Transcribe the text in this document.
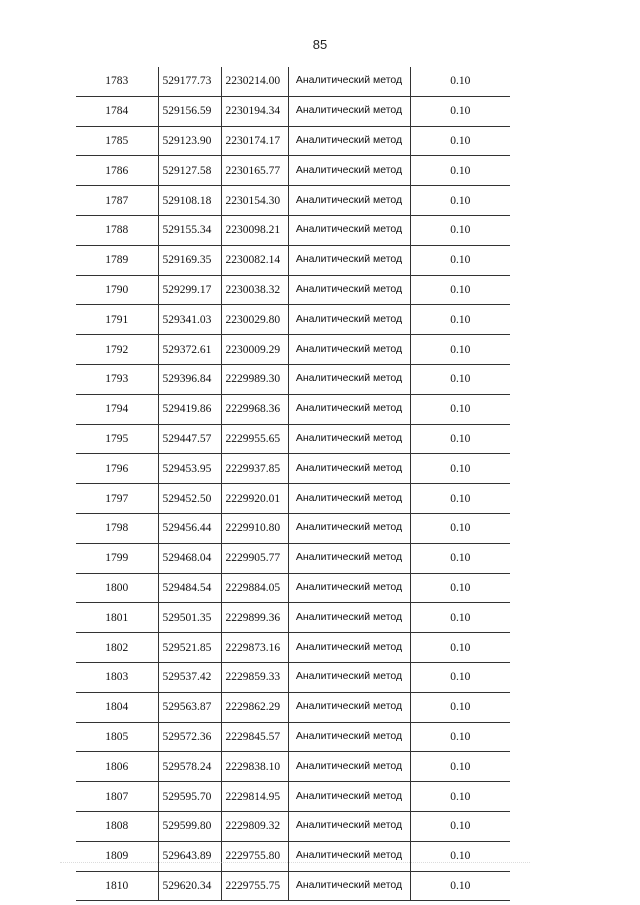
85
1783	529177.73	2230214.00	Аналитический метод	0.10
1784	529156.59	2230194.34	Аналитический метод	0.10
1785	529123.90	2230174.17	Аналитический метод	0.10
1786	529127.58	2230165.77	Аналитический метод	0.10
1787	529108.18	2230154.30	Аналитический метод	0.10
1788	529155.34	2230098.21	Аналитический метод	0.10
1789	529169.35	2230082.14	Аналитический метод	0.10
1790	529299.17	2230038.32	Аналитический метод	0.10
1791	529341.03	2230029.80	Аналитический метод	0.10
1792	529372.61	2230009.29	Аналитический метод	0.10
1793	529396.84	2229989.30	Аналитический метод	0.10
1794	529419.86	2229968.36	Аналитический метод	0.10
1795	529447.57	2229955.65	Аналитический метод	0.10
1796	529453.95	2229937.85	Аналитический метод	0.10
1797	529452.50	2229920.01	Аналитический метод	0.10
1798	529456.44	2229910.80	Аналитический метод	0.10
1799	529468.04	2229905.77	Аналитический метод	0.10
1800	529484.54	2229884.05	Аналитический метод	0.10
1801	529501.35	2229899.36	Аналитический метод	0.10
1802	529521.85	2229873.16	Аналитический метод	0.10
1803	529537.42	2229859.33	Аналитический метод	0.10
1804	529563.87	2229862.29	Аналитический метод	0.10
1805	529572.36	2229845.57	Аналитический метод	0.10
1806	529578.24	2229838.10	Аналитический метод	0.10
1807	529595.70	2229814.95	Аналитический метод	0.10
1808	529599.80	2229809.32	Аналитический метод	0.10
1809	529643.89	2229755.80	Аналитический метод	0.10
1810	529620.34	2229755.75	Аналитический метод	0.10
